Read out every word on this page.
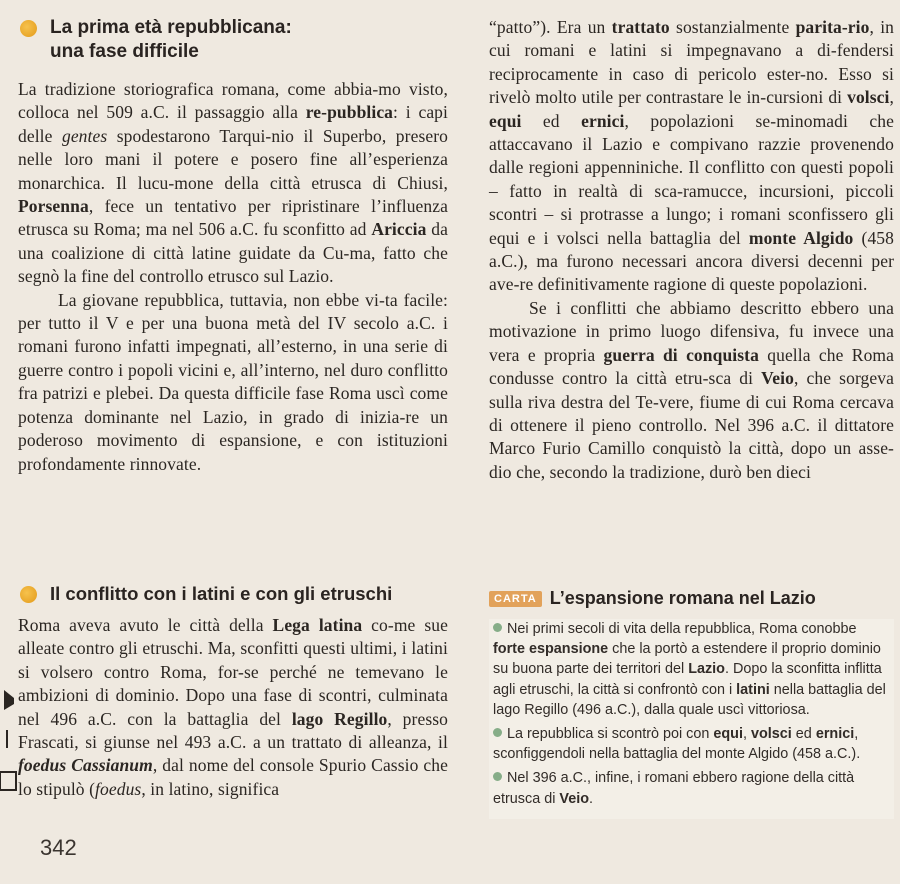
La prima età repubblicana:
una fase difficile

La tradizione storiografica romana, come abbia-mo visto, colloca nel 509 a.C. il passaggio alla re-pubblica: i capi delle gentes spodestarono Tarqui-nio il Superbo, presero nelle loro mani il potere e posero fine all’esperienza monarchica. Il lucu-mone della città etrusca di Chiusi, Porsenna, fece un tentativo per ripristinare l’influenza etrusca su Roma; ma nel 506 a.C. fu sconfitto ad Ariccia da una coalizione di città latine guidate da Cu-ma, fatto che segnò la fine del controllo etrusco sul Lazio.

La giovane repubblica, tuttavia, non ebbe vi-ta facile: per tutto il V e per una buona metà del IV secolo a.C. i romani furono infatti impegnati, all’esterno, in una serie di guerre contro i popoli vicini e, all’interno, nel duro conflitto fra patrizi e plebei. Da questa difficile fase Roma uscì come potenza dominante nel Lazio, in grado di inizia-re un poderoso movimento di espansione, e con istituzioni profondamente rinnovate.

“patto”). Era un trattato sostanzialmente parita-rio, in cui romani e latini si impegnavano a di-fendersi reciprocamente in caso di pericolo ester-no. Esso si rivelò molto utile per contrastare le in-cursioni di volsci, equi ed ernici, popolazioni se-minomadi che attaccavano il Lazio e compivano razzie provenendo dalle regioni appenniniche. Il conflitto con questi popoli – fatto in realtà di sca-ramucce, incursioni, piccoli scontri – si protrasse a lungo; i romani sconfissero gli equi e i volsci nella battaglia del monte Algido (458 a.C.), ma furono necessari ancora diversi decenni per ave-re definitivamente ragione di queste popolazioni.

Se i conflitti che abbiamo descritto ebbero una motivazione in primo luogo difensiva, fu invece una vera e propria guerra di conquista quella che Roma condusse contro la città etru-sca di Veio, che sorgeva sulla riva destra del Te-vere, fiume di cui Roma cercava di ottenere il pieno controllo. Nel 396 a.C. il dittatore Marco Furio Camillo conquistò la città, dopo un asse-dio che, secondo la tradizione, durò ben dieci

Il conflitto con i latini e con gli etruschi

Roma aveva avuto le città della Lega latina co-me sue alleate contro gli etruschi. Ma, sconfitti questi ultimi, i latini si volsero contro Roma, for-se perché ne temevano le ambizioni di dominio. Dopo una fase di scontri, culminata nel 496 a.C. con la battaglia del lago Regillo, presso Frascati, si giunse nel 493 a.C. a un trattato di alleanza, il foedus Cassianum, dal nome del console Spurio Cassio che lo stipulò (foedus, in latino, significa

CARTA L’espansione romana nel Lazio

Nei primi secoli di vita della repubblica, Roma conobbe forte espansione che la portò a estendere il proprio dominio su buona parte dei territori del Lazio. Dopo la sconfitta inflitta agli etruschi, la città si confrontò con i latini nella battaglia del lago Regillo (496 a.C.), dalla quale uscì vittoriosa.

La repubblica si scontrò poi con equi, volsci ed ernici, sconfiggendoli nella battaglia del monte Algido (458 a.C.).

Nel 396 a.C., infine, i romani ebbero ragione della città etrusca di Veio.

342
